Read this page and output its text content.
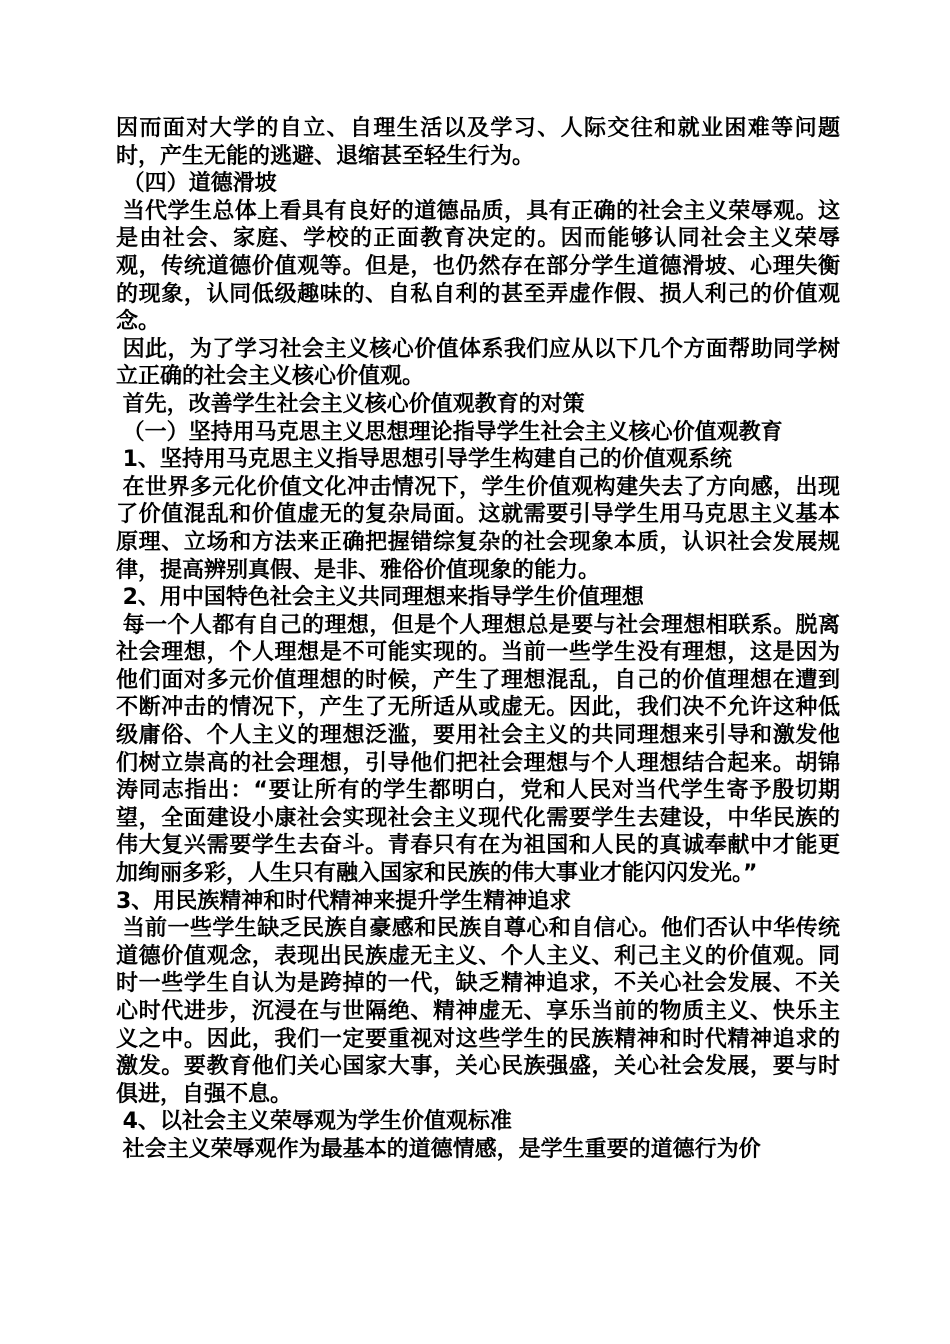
因而面对大学的自立、自理生活以及学习、人际交往和就业困难等问题时，产生无能的逃避、退缩甚至轻生行为。

（四）道德滑坡

当代学生总体上看具有良好的道德品质，具有正确的社会主义荣辱观。这是由社会、家庭、学校的正面教育决定的。因而能够认同社会主义荣辱观，传统道德价值观等。但是，也仍然存在部分学生道德滑坡、心理失衡的现象，认同低级趣味的、自私自利的甚至弄虚作假、损人利己的价值观念。

因此，为了学习社会主义核心价值体系我们应从以下几个方面帮助同学树立正确的社会主义核心价值观。

首先，改善学生社会主义核心价值观教育的对策

（一）坚持用马克思主义思想理论指导学生社会主义核心价值观教育

1、坚持用马克思主义指导思想引导学生构建自己的价值观系统

在世界多元化价值文化冲击情况下，学生价值观构建失去了方向感，出现了价值混乱和价值虚无的复杂局面。这就需要引导学生用马克思主义基本原理、立场和方法来正确把握错综复杂的社会现象本质，认识社会发展规律，提高辨别真假、是非、雅俗价值现象的能力。

2、用中国特色社会主义共同理想来指导学生价值理想

每一个人都有自己的理想，但是个人理想总是要与社会理想相联系。脱离社会理想，个人理想是不可能实现的。当前一些学生没有理想，这是因为他们面对多元价值理想的时候，产生了理想混乱，自己的价值理想在遭到不断冲击的情况下，产生了无所适从或虚无。因此，我们决不允许这种低级庸俗、个人主义的理想泛滥，要用社会主义的共同理想来引导和激发他们树立崇高的社会理想，引导他们把社会理想与个人理想结合起来。胡锦涛同志指出：“要让所有的学生都明白，党和人民对当代学生寄予殷切期望，全面建设小康社会实现社会主义现代化需要学生去建设，中华民族的伟大复兴需要学生去奋斗。青春只有在为祖国和人民的真诚奉献中才能更加绚丽多彩，人生只有融入国家和民族的伟大事业才能闪闪发光。”

3、用民族精神和时代精神来提升学生精神追求

当前一些学生缺乏民族自豪感和民族自尊心和自信心。他们否认中华传统道德价值观念，表现出民族虚无主义、个人主义、利己主义的价值观。同时一些学生自认为是跨掉的一代，缺乏精神追求，不关心社会发展、不关心时代进步，沉浸在与世隔绝、精神虚无、享乐当前的物质主义、快乐主义之中。因此，我们一定要重视对这些学生的民族精神和时代精神追求的激发。要教育他们关心国家大事，关心民族强盛，关心社会发展，要与时俱进，自强不息。

4、以社会主义荣辱观为学生价值观标准

社会主义荣辱观作为最基本的道德情感，是学生重要的道德行为价
